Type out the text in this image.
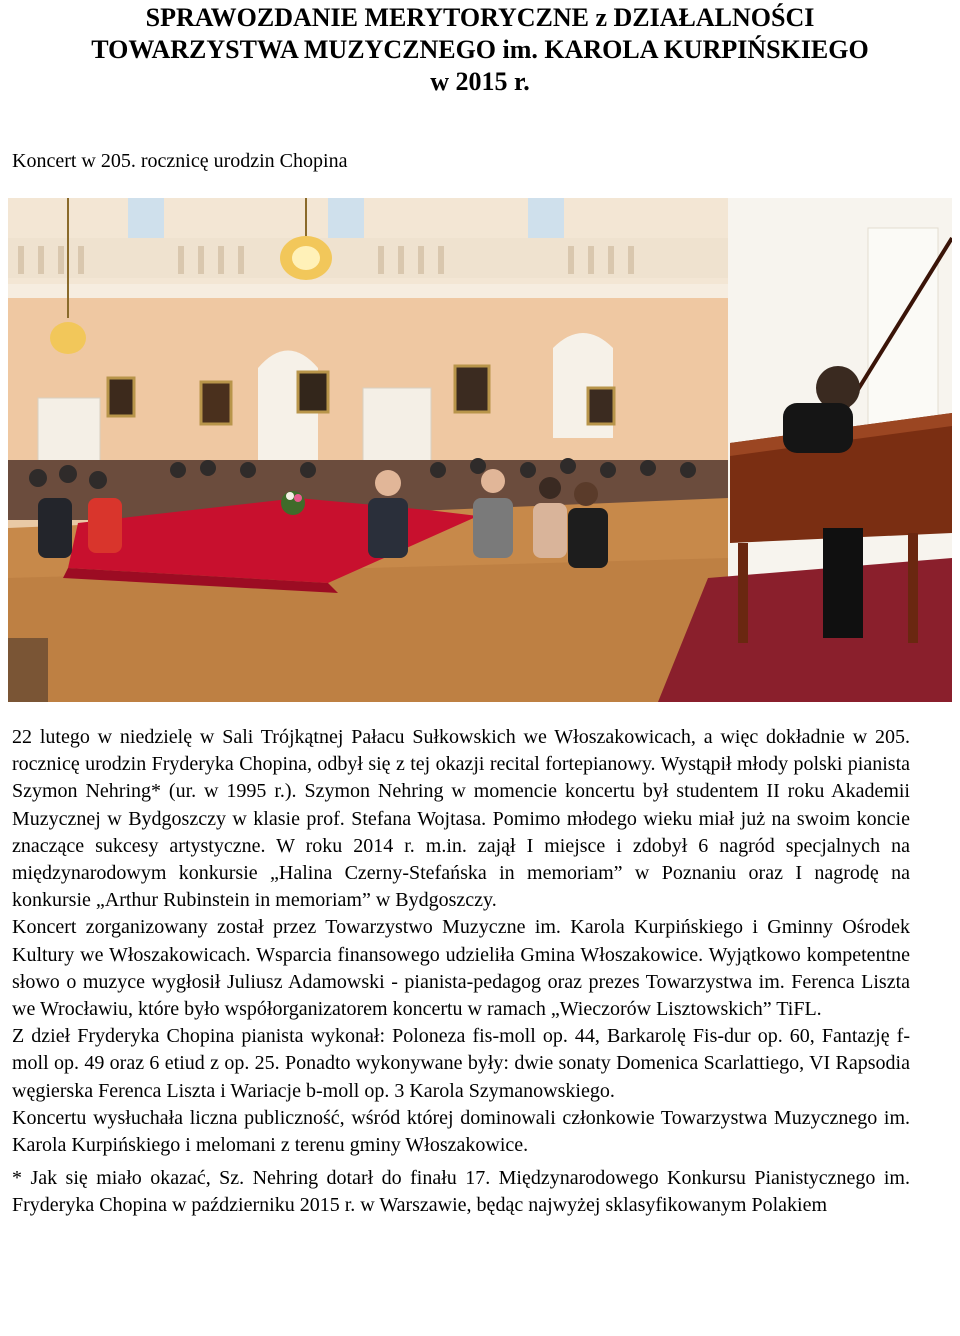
SPRAWOZDANIE MERYTORYCZNE z DZIAŁALNOŚCI
TOWARZYSTWA MUZYCZNEGO im. KAROLA KURPIŃSKIEGO
w 2015 r.
Koncert w 205. rocznicę urodzin Chopina

22 lutego w niedzielę w Sali Trójkątnej Pałacu Sułkowskich we Włoszakowicach, a więc dokładnie w 205. rocznicę urodzin Fryderyka Chopina, odbył się z tej okazji recital fortepianowy. Wystąpił młody polski pianista Szymon Nehring* (ur. w 1995 r.). Szymon Nehring w momencie koncertu był studentem II roku Akademii Muzycznej w Bydgoszczy w klasie prof. Stefana Wojtasa. Pomimo młodego wieku miał już na swoim koncie znaczące sukcesy artystyczne. W roku 2014 r. m.in. zajął I miejsce i zdobył 6 nagród specjalnych na międzynarodowym konkursie „Halina Czerny-Stefańska in memoriam” w Poznaniu oraz I nagrodę na konkursie „Arthur Rubinstein in memoriam” w Bydgoszczy.

Koncert zorganizowany został przez Towarzystwo Muzyczne im. Karola Kurpińskiego i Gminny Ośrodek Kultury we Włoszakowicach. Wsparcia finansowego udzieliła Gmina Włoszakowice. Wyjątkowo kompetentne słowo o muzyce wygłosił Juliusz Adamowski - pianista-pedagog oraz prezes Towarzystwa im. Ferenca Liszta we Wrocławiu, które było współorganizatorem koncertu w ramach „Wieczorów Lisztowskich” TiFL.

Z dzieł Fryderyka Chopina pianista wykonał: Poloneza fis-moll op. 44, Barkarolę Fis-dur op. 60, Fantazję f-moll op. 49 oraz 6 etiud z op. 25. Ponadto wykonywane były: dwie sonaty Domenica Scarlattiego, VI Rapsodia węgierska Ferenca Liszta i Wariacje b-moll op. 3 Karola Szymanowskiego.

Koncertu wysłuchała liczna publiczność, wśród której dominowali członkowie Towarzystwa Muzycznego im. Karola Kurpińskiego i melomani z terenu gminy Włoszakowice.

* Jak się miało okazać, Sz. Nehring dotarł do finału 17. Międzynarodowego Konkursu Pianistycznego im. Fryderyka Chopina w październiku 2015 r. w Warszawie, będąc najwyżej sklasyfikowanym Polakiem
